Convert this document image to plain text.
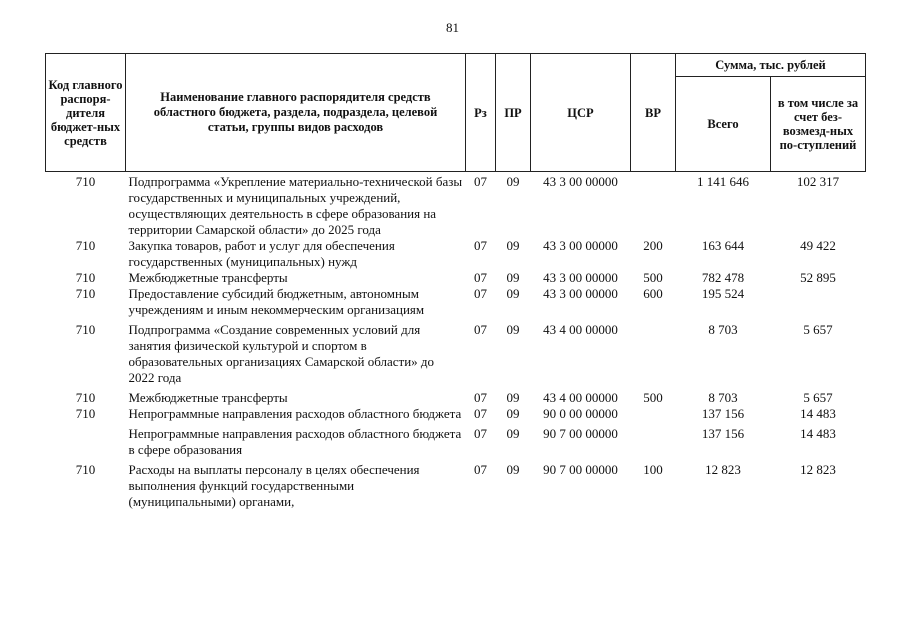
81
Код главного распоря-дителя бюджет-ных средств	Наименование главного распорядителя средств областного бюджета, раздела, подраздела, целевой статьи, группы видов расходов	Рз	ПР	ЦСР	ВР	Сумма, тыс. рублей	
						Всего	в том числе за счет без-возмезд-ных по-ступлений
710	Подпрограмма «Укрепление материально-технической базы государственных и муниципальных учреждений, осуществляющих деятельность в сфере образования на территории Самарской области» до 2025 года	07	09	43 3 00 00000		1 141 646	102 317
710	Закупка товаров, работ и услуг для обеспечения государственных (муниципальных) нужд	07	09	43 3 00 00000	200	163 644	49 422
710	Межбюджетные трансферты	07	09	43 3 00 00000	500	782 478	52 895
710	Предоставление субсидий бюджетным, автономным учреждениям и иным некоммерческим организациям	07	09	43 3 00 00000	600	195 524	
710	Подпрограмма «Создание современных условий для занятия физической культурой и спортом в образовательных организациях Самарской области» до 2022 года	07	09	43 4 00 00000		8 703	5 657
710	Межбюджетные трансферты	07	09	43 4 00 00000	500	8 703	5 657
710	Непрограммные направления расходов областного бюджета	07	09	90 0 00 00000		137 156	14 483
	Непрограммные направления расходов областного бюджета в сфере образования	07	09	90 7 00 00000		137 156	14 483
710	Расходы на выплаты персоналу в целях обеспечения выполнения функций государственными (муниципальными) органами,	07	09	90 7 00 00000	100	12 823	12 823
